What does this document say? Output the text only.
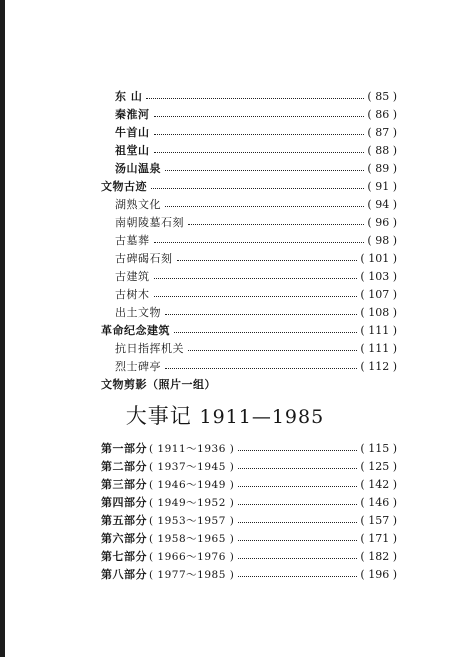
东 山	( 85 )
秦淮河	( 86 )
牛首山	( 87 )
祖堂山	( 88 )
汤山温泉	( 89 )
文物古迹	( 91 )
湖熟文化	( 94 )
南朝陵墓石刻	( 96 )
古墓葬	( 98 )
古碑碣石刻	( 101 )
古建筑	( 103 )
古树木	( 107 )
出土文物	( 108 )
革命纪念建筑	( 111 )
抗日指挥机关	( 111 )
烈士碑亭	( 112 )
文物剪影（照片一组）
大事记 1911—1985
第一部分 ( 1911～1936 )	( 115 )
第二部分 ( 1937～1945 )	( 125 )
第三部分 ( 1946～1949 )	( 142 )
第四部分 ( 1949～1952 )	( 146 )
第五部分 ( 1953～1957 )	( 157 )
第六部分 ( 1958～1965 )	( 171 )
第七部分 ( 1966～1976 )	( 182 )
第八部分 ( 1977～1985 )	( 196 )
